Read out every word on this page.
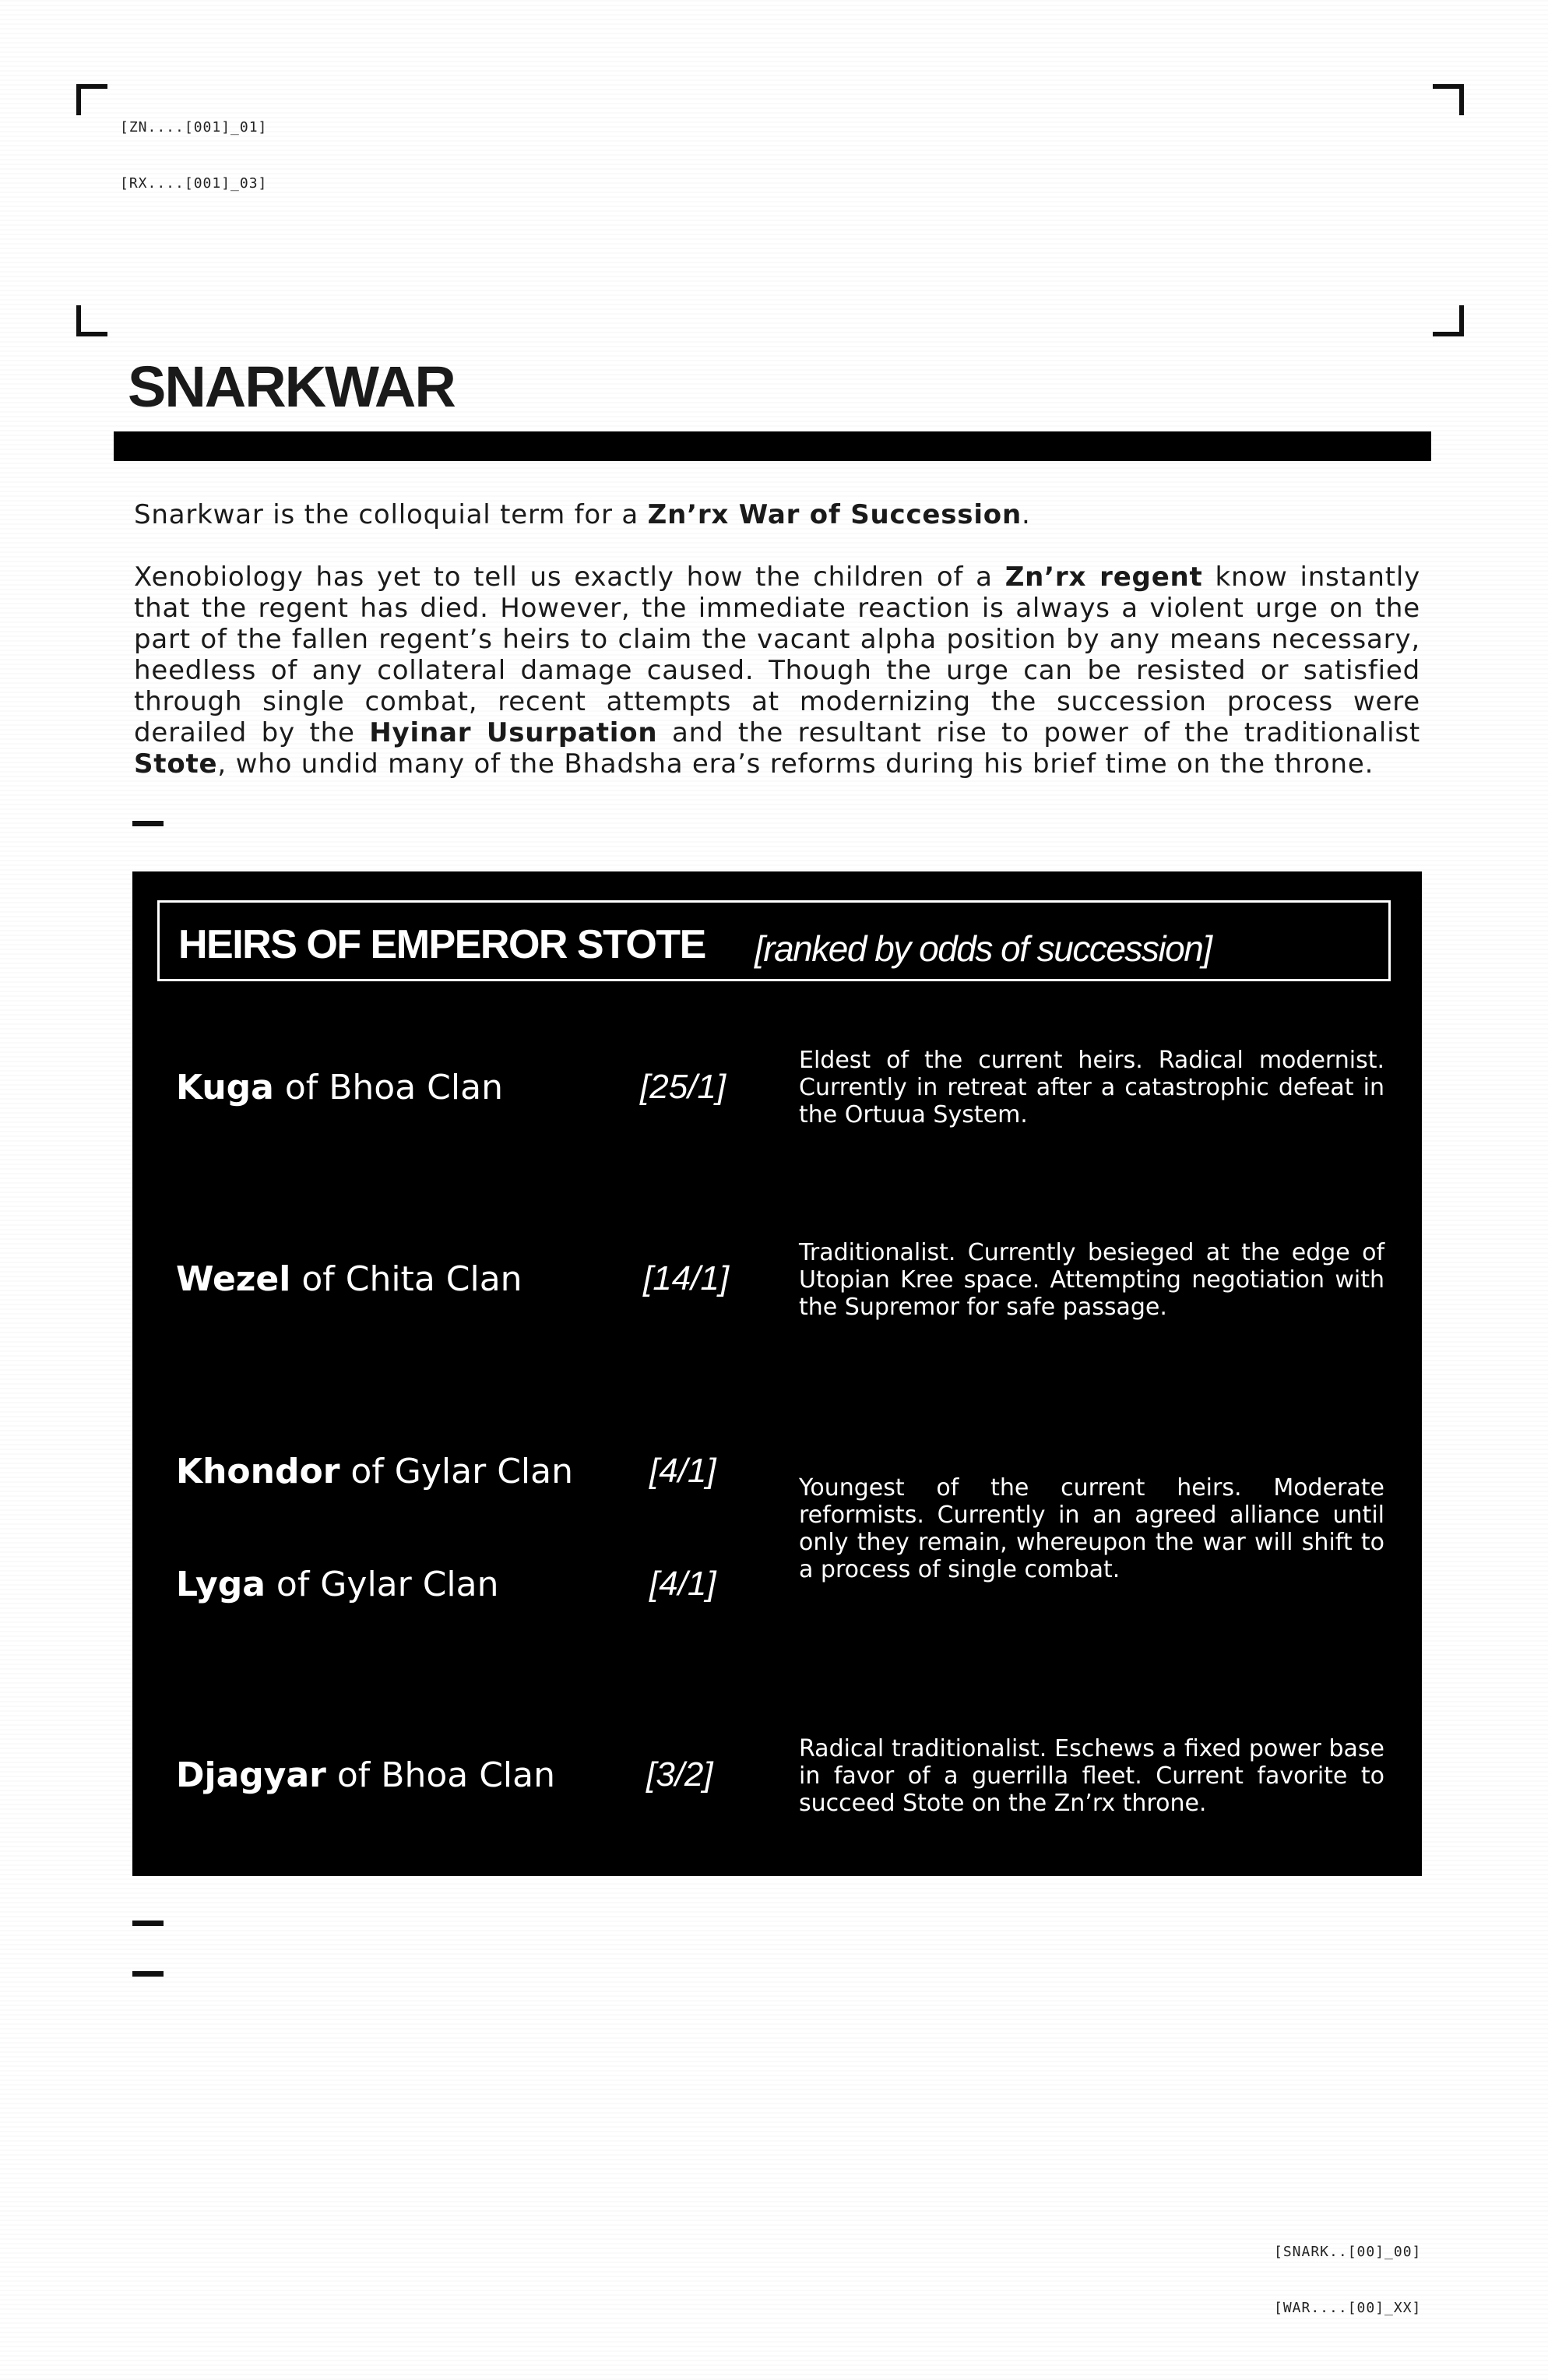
[ZN....[001]_01]

[RX....[001]_03]

SNARKWAR
Snarkwar is the colloquial term for a Zn’rx War of Succession.
Xenobiology has yet to tell us exactly how the children of a Zn’rx regent know instantly that the regent has died. However, the immediate reaction is always a violent urge on the part of the fallen regent’s heirs to claim the vacant alpha position by any means necessary, heedless of any collateral damage caused. Though the urge can be resisted or satisfied through single combat, recent attempts at modernizing the succession process were derailed by the Hyinar Usurpation and the resultant rise to power of the traditionalist Stote, who undid many of the Bhadsha era’s reforms during his brief time on the throne.
HEIRS OF EMPEROR STOTE [ranked by odds of succession]
Kuga of Bhoa Clan	[25/1]
Eldest of the current heirs. Radical modernist. Currently in retreat after a catastrophic defeat in the Ortuua System.
Wezel of Chita Clan	[14/1]
Traditionalist. Currently besieged at the edge of Utopian Kree space. Attempting negotiation with the Supremor for safe passage.
Khondor of Gylar Clan [4/1]
Lyga of Gylar Clan	[4/1]
Youngest of the current heirs. Moderate reformists. Currently in an agreed alliance until only they remain, whereupon the war will shift to a process of single combat.
Djagyar of Bhoa Clan	[3/2]
Radical traditionalist. Eschews a fixed power base in favor of a guerrilla fleet. Current favorite to succeed Stote on the Zn’rx throne.

[SNARK..[00]_00]

[WAR....[00]_XX]
